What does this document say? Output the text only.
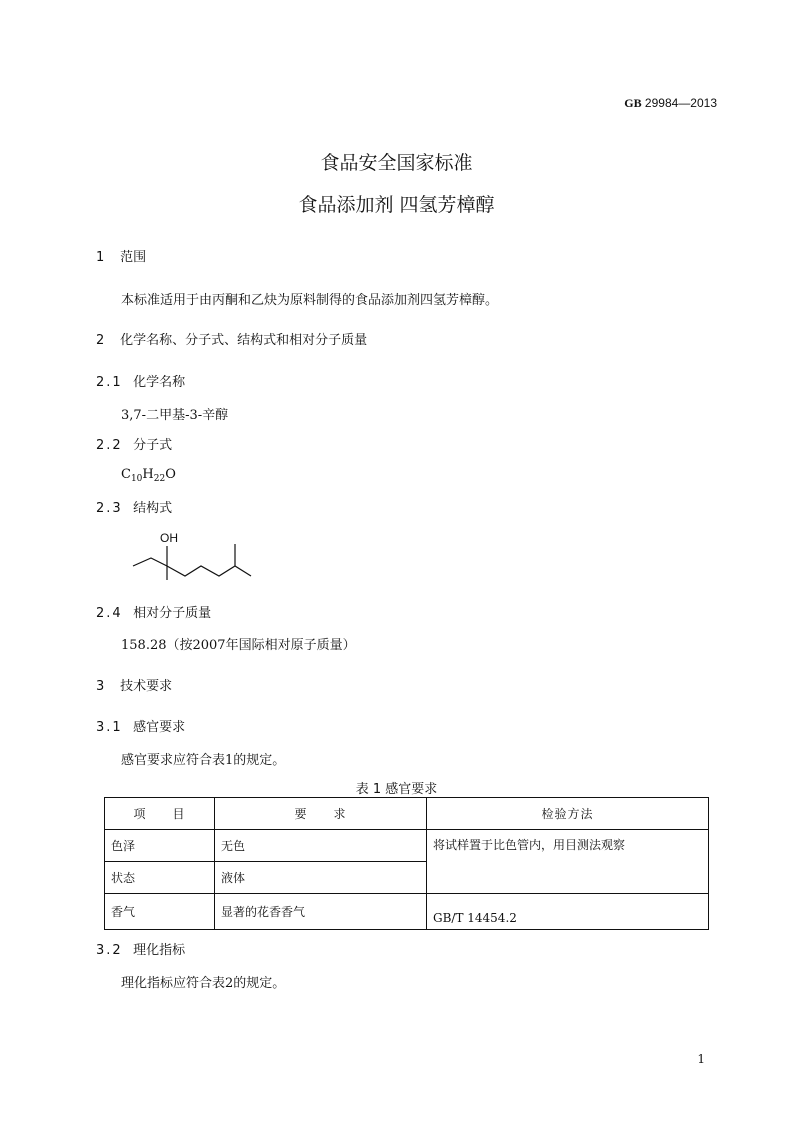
GB 29984—2013
食品安全国家标准
食品添加剂 四氢芳樟醇
1 范围
本标准适用于由丙酮和乙炔为原料制得的食品添加剂四氢芳樟醇。
2 化学名称、分子式、结构式和相对分子质量
2.1 化学名称
3,7-二甲基-3-辛醇
2.2 分子式
$C_{10}H_{22}O$
2.3 结构式
OH
2.4 相对分子质量
158.28（按2007年国际相对原子质量）
3 技术要求
3.1 感官要求
感官要求应符合表1的规定。
表 1 感官要求
项　　目	要　　求	检验方法
色泽	无色	将试样置于比色管内，用目测法观察
状态	液体	
香气	显著的花香香气	GB/T 14454.2
3.2 理化指标
理化指标应符合表2的规定。
1
